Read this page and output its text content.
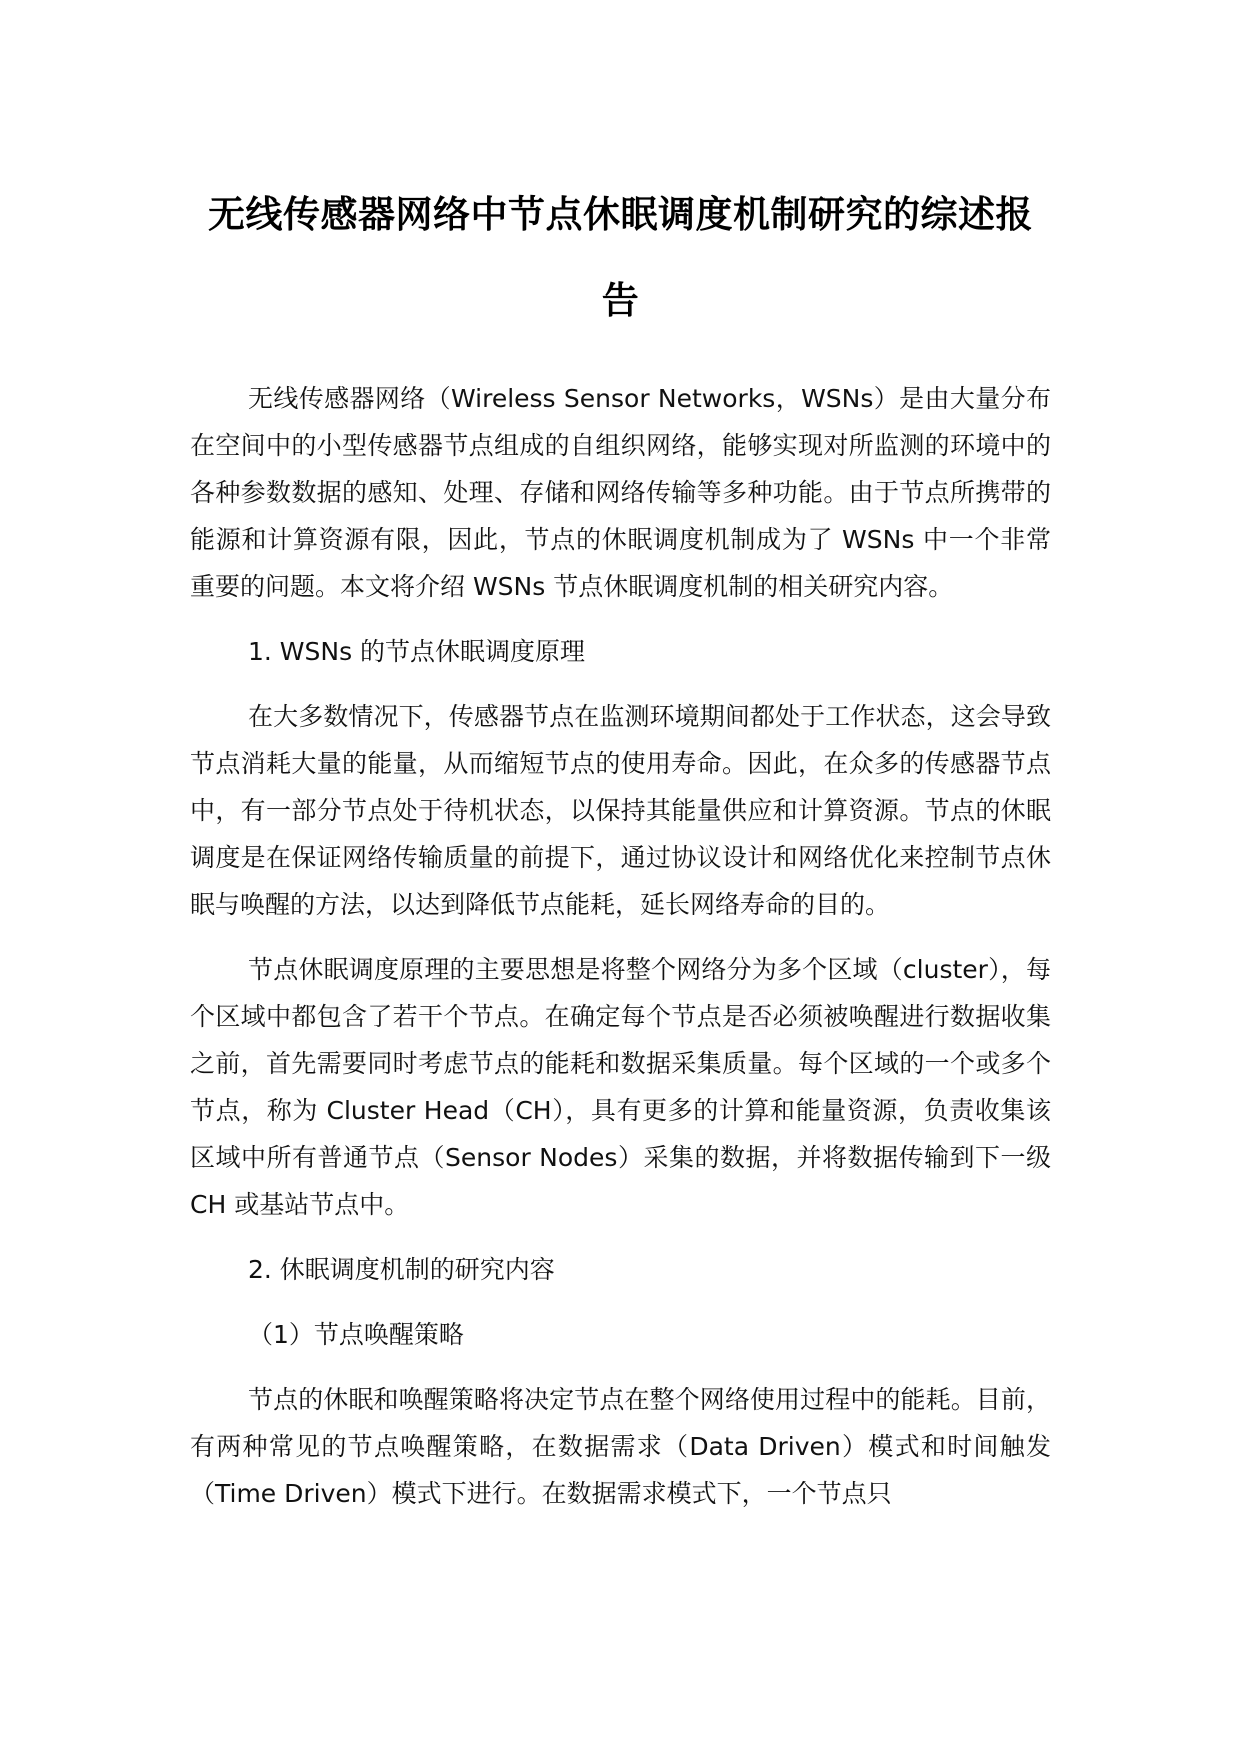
无线传感器网络中节点休眠调度机制研究的综述报告

无线传感器网络（Wireless Sensor Networks，WSNs）是由大量分布在空间中的小型传感器节点组成的自组织网络，能够实现对所监测的环境中的各种参数数据的感知、处理、存储和网络传输等多种功能。由于节点所携带的能源和计算资源有限，因此，节点的休眠调度机制成为了 WSNs 中一个非常重要的问题。本文将介绍 WSNs 节点休眠调度机制的相关研究内容。

1. WSNs 的节点休眠调度原理

在大多数情况下，传感器节点在监测环境期间都处于工作状态，这会导致节点消耗大量的能量，从而缩短节点的使用寿命。因此，在众多的传感器节点中，有一部分节点处于待机状态，以保持其能量供应和计算资源。节点的休眠调度是在保证网络传输质量的前提下，通过协议设计和网络优化来控制节点休眠与唤醒的方法，以达到降低节点能耗，延长网络寿命的目的。

节点休眠调度原理的主要思想是将整个网络分为多个区域（cluster），每个区域中都包含了若干个节点。在确定每个节点是否必须被唤醒进行数据收集之前，首先需要同时考虑节点的能耗和数据采集质量。每个区域的一个或多个节点，称为 Cluster Head（CH），具有更多的计算和能量资源，负责收集该区域中所有普通节点（Sensor Nodes）采集的数据，并将数据传输到下一级 CH 或基站节点中。

2. 休眠调度机制的研究内容

（1）节点唤醒策略

节点的休眠和唤醒策略将决定节点在整个网络使用过程中的能耗。目前，有两种常见的节点唤醒策略，在数据需求（Data Driven）模式和时间触发（Time Driven）模式下进行。在数据需求模式下，一个节点只
